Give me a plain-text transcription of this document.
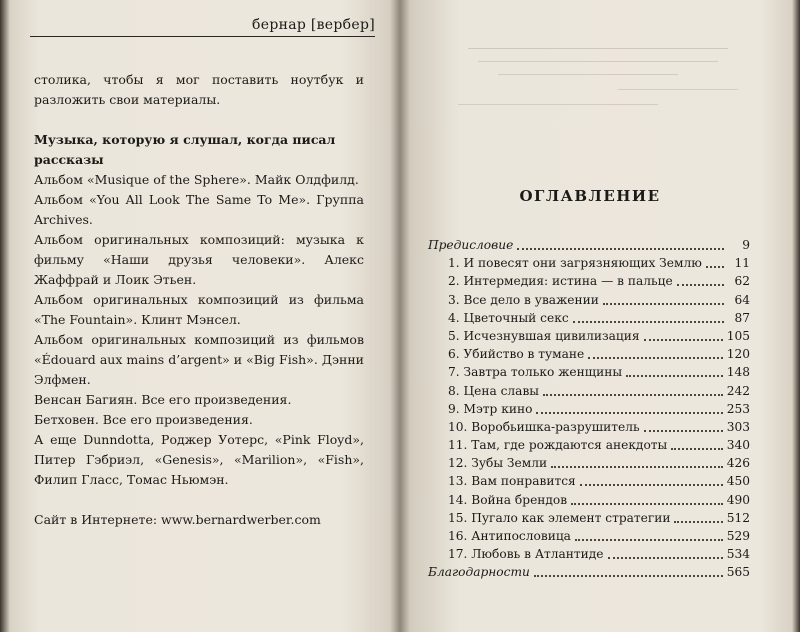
бернар [вербер]

столика, чтобы я мог поставить ноутбук и разложить свои материалы.

Музыка, которую я слушал, когда писал рассказы

Альбом «Musique of the Sphere». Майк Олдфилд.

Альбом «You All Look The Same To Me». Группа Archives.

Альбом оригинальных композиций: музыка к фильму «Наши друзья человеки». Алекс Жаффрай и Лоик Этьен.

Альбом оригинальных композиций из фильма «The Fountain». Клинт Мэнсел.

Альбом оригинальных композиций из фильмов «Édouard aux mains d’argent» и «Big Fish». Дэнни Элфмен.

Венсан Багиян. Все его произведения.

Бетховен. Все его произведения.

А еще Dunndotta, Роджер Уотерс, «Pink Floyd», Питер Гэбриэл, «Genesis», «Marilion», «Fish», Филип Гласс, Томас Ньюмэн.

Сайт в Интернете: www.bernardwerber.com

ОГЛАВЛЕНИЕ
Предисловие	9
1. И повесят они загрязняющих Землю	11
2. Интермедия: истина — в пальце	62
3. Все дело в уважении	64
4. Цветочный секс	87
5. Исчезнувшая цивилизация	105
6. Убийство в тумане	120
7. Завтра только женщины	148
8. Цена славы	242
9. Мэтр кино	253
10. Воробьишка-разрушитель	303
11. Там, где рождаются анекдоты	340
12. Зубы Земли	426
13. Вам понравится	450
14. Война брендов	490
15. Пугало как элемент стратегии	512
16. Антипословица	529
17. Любовь в Атлантиде	534
Благодарности	565
